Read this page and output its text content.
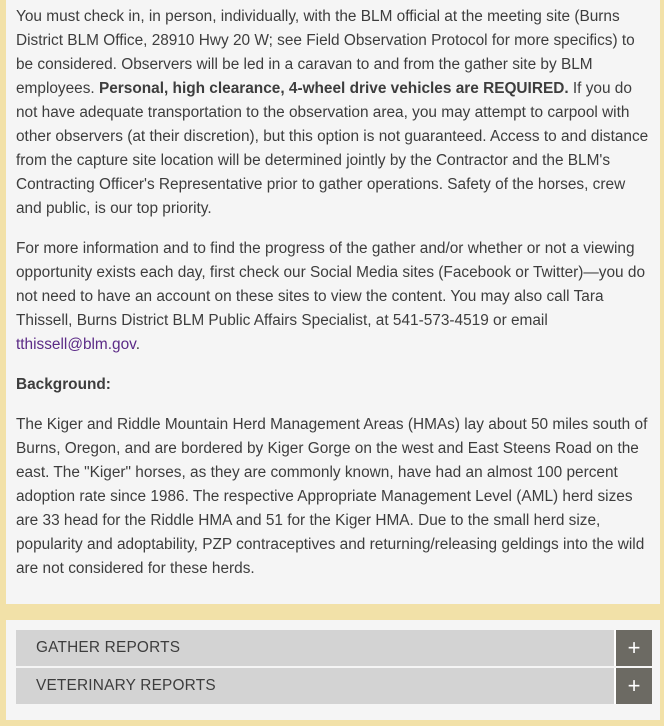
You must check in, in person, individually, with the BLM official at the meeting site (Burns District BLM Office, 28910 Hwy 20 W; see Field Observation Protocol for more specifics) to be considered. Observers will be led in a caravan to and from the gather site by BLM employees. Personal, high clearance, 4-wheel drive vehicles are REQUIRED. If you do not have adequate transportation to the observation area, you may attempt to carpool with other observers (at their discretion), but this option is not guaranteed. Access to and distance from the capture site location will be determined jointly by the Contractor and the BLM's Contracting Officer's Representative prior to gather operations. Safety of the horses, crew and public, is our top priority.

For more information and to find the progress of the gather and/or whether or not a viewing opportunity exists each day, first check our Social Media sites (Facebook or Twitter)—you do not need to have an account on these sites to view the content. You may also call Tara Thissell, Burns District BLM Public Affairs Specialist, at 541-573-4519 or email tthissell@blm.gov.

Background:

The Kiger and Riddle Mountain Herd Management Areas (HMAs) lay about 50 miles south of Burns, Oregon, and are bordered by Kiger Gorge on the west and East Steens Road on the east. The "Kiger" horses, as they are commonly known, have had an almost 100 percent adoption rate since 1986. The respective Appropriate Management Level (AML) herd sizes are 33 head for the Riddle HMA and 51 for the Kiger HMA. Due to the small herd size, popularity and adoptability, PZP contraceptives and returning/releasing geldings into the wild are not considered for these herds.

GATHER REPORTS	+
VETERINARY REPORTS	+
